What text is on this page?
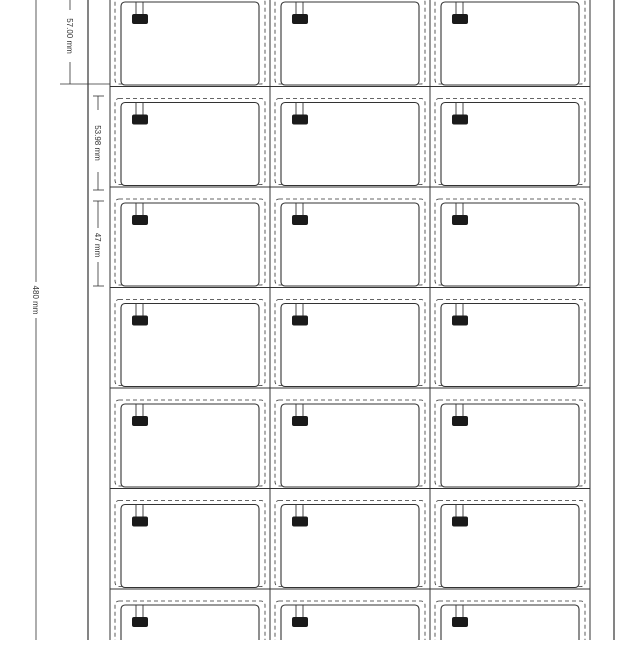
480 mm
57.00 mm
53.98 mm
47 mm
